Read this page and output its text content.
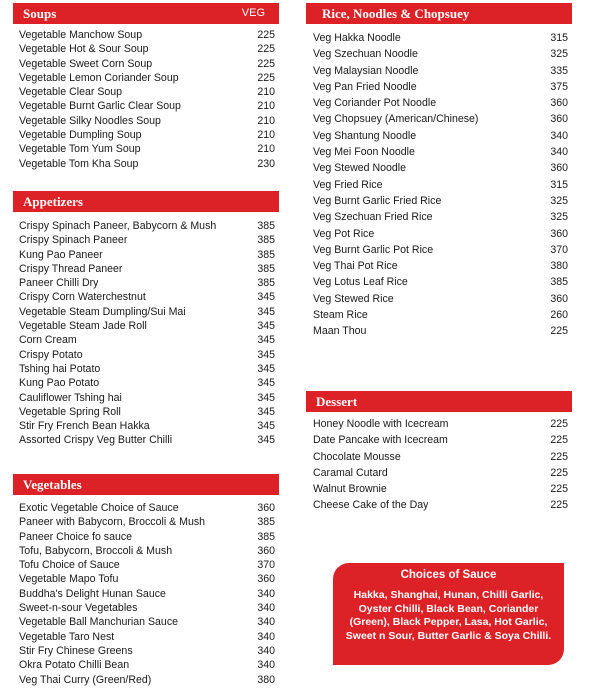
Soups	VEG
Vegetable Manchow Soup	225
Vegetable Hot & Sour Soup	225
Vegetable Sweet Corn Soup	225
Vegetable Lemon Coriander Soup	225
Vegetable Clear Soup	210
Vegetable Burnt Garlic Clear Soup	210
Vegetable Silky Noodles Soup	210
Vegetable Dumpling Soup	210
Vegetable Tom Yum Soup	210
Vegetable Tom Kha Soup	230
Appetizers
Crispy Spinach Paneer, Babycorn & Mush	385
Crispy Spinach Paneer	385
Kung Pao Paneer	385
Crispy Thread Paneer	385
Paneer Chilli Dry	385
Crispy Corn Waterchestnut	345
Vegetable Steam Dumpling/Sui Mai	345
Vegetable Steam Jade Roll	345
Corn Cream	345
Crispy Potato	345
Tshing hai Potato	345
Kung Pao Potato	345
Cauliflower Tshing hai	345
Vegetable Spring Roll	345
Stir Fry French Bean Hakka	345
Assorted Crispy Veg Butter Chilli	345
Vegetables
Exotic Vegetable Choice of Sauce	360
Paneer with Babycorn, Broccoli & Mush	385
Paneer Choice fo sauce	385
Tofu, Babycorn, Broccoli & Mush	360
Tofu Choice of Sauce	370
Vegetable Mapo Tofu	360
Buddha's Delight Hunan Sauce	340
Sweet-n-sour Vegetables	340
Vegetable Ball Manchurian Sauce	340
Vegetable Taro Nest	340
Stir Fry Chinese Greens	340
Okra Potato Chilli Bean	340
Veg Thai Curry (Green/Red)	380
Rice, Noodles & Chopsuey
Veg Hakka Noodle	315
Veg Szechuan Noodle	325
Veg Malaysian Noodle	335
Veg Pan Fried Noodle	375
Veg Coriander Pot Noodle	360
Veg Chopsuey (American/Chinese)	360
Veg Shantung Noodle	340
Veg Mei Foon Noodle	340
Veg Stewed Noodle	360
Veg Fried Rice	315
Veg Burnt Garlic Fried Rice	325
Veg Szechuan Fried Rice	325
Veg Pot Rice	360
Veg Burnt Garlic Pot Rice	370
Veg Thai Pot Rice	380
Veg Lotus Leaf Rice	385
Veg Stewed Rice	360
Steam Rice	260
Maan Thou	225
Dessert
Honey Noodle with Icecream	225
Date Pancake with Icecream	225
Chocolate Mousse	225
Caramal Cutard	225
Walnut Brownie	225
Cheese Cake of the Day	225
Choices of Sauce
Hakka, Shanghai, Hunan, Chilli Garlic, Oyster Chilli, Black Bean, Coriander (Green), Black Pepper, Lasa, Hot Garlic, Sweet n Sour, Butter Garlic & Soya Chilli.
